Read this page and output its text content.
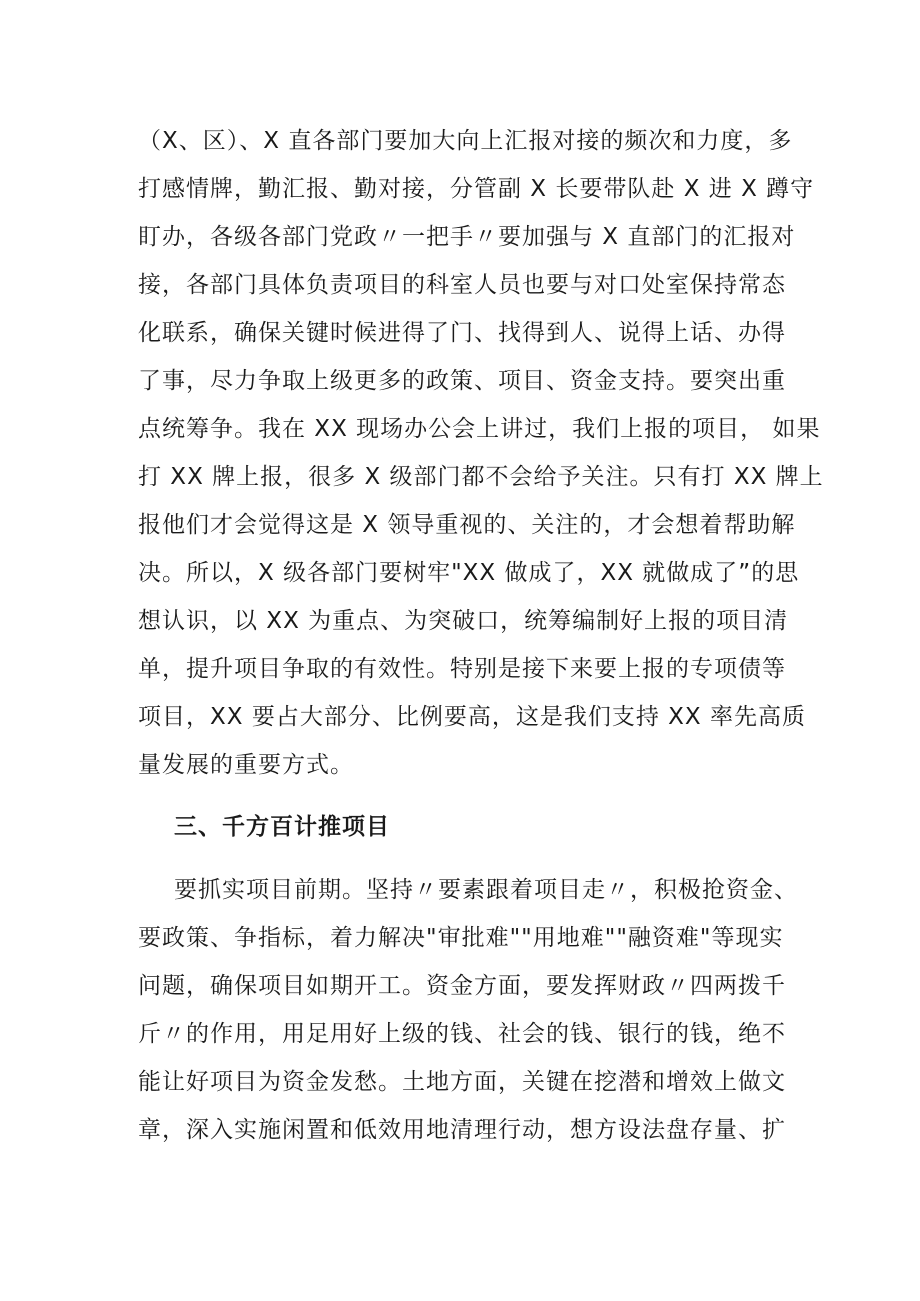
（X、区）、X 直各部门要加大向上汇报对接的频次和力度，多
打感情牌，勤汇报、勤对接，分管副 X 长要带队赴 X 进 X 蹲守
盯办，各级各部门党政〃一把手〃要加强与 X 直部门的汇报对
接，各部门具体负责项目的科室人员也要与对口处室保持常态
化联系，确保关键时候进得了门、找得到人、说得上话、办得
了事，尽力争取上级更多的政策、项目、资金支持。要突出重
点统筹争。我在 XX 现场办公会上讲过，我们上报的项目， 如果
打 XX 牌上报，很多 X 级部门都不会给予关注。只有打 XX 牌上
报他们才会觉得这是 X 领导重视的、关注的，才会想着帮助解
决。所以，X 级各部门要树牢"XX 做成了，XX 就做成了”的思
想认识，以 XX 为重点、为突破口，统筹编制好上报的项目清
单，提升项目争取的有效性。特别是接下来要上报的专项债等
项目，XX 要占大部分、比例要高，这是我们支持 XX 率先高质
量发展的重要方式。
三、千方百计推项目
要抓实项目前期。坚持〃要素跟着项目走〃，积极抢资金、
要政策、争指标，着力解决"审批难""用地难""融资难"等现实
问题，确保项目如期开工。资金方面，要发挥财政〃四两拨千
斤〃的作用，用足用好上级的钱、社会的钱、银行的钱，绝不
能让好项目为资金发愁。土地方面，关键在挖潜和增效上做文
章，深入实施闲置和低效用地清理行动，想方设法盘存量、扩
